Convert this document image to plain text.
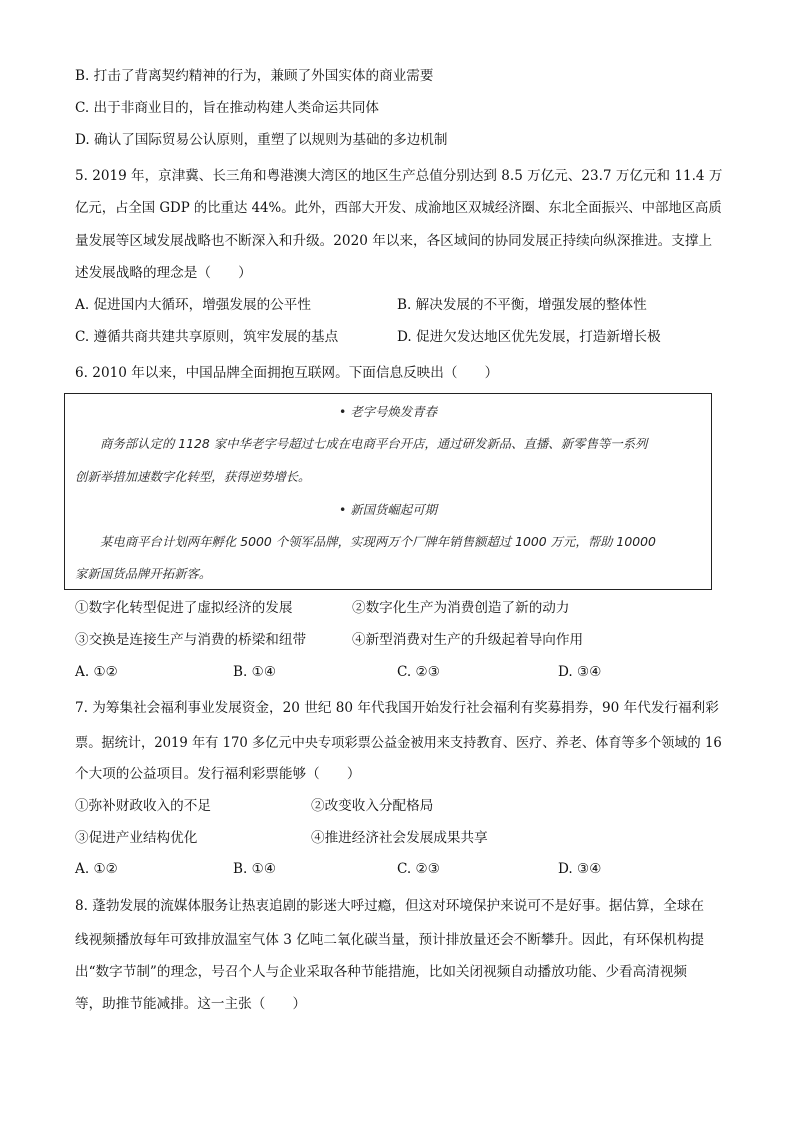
B. 打击了背离契约精神的行为，兼顾了外国实体的商业需要
C. 出于非商业目的，旨在推动构建人类命运共同体
D. 确认了国际贸易公认原则，重塑了以规则为基础的多边机制
5. 2019 年，京津冀、长三角和粤港澳大湾区的地区生产总值分别达到 8.5 万亿元、23.7 万亿元和 11.4 万
亿元，占全国 GDP 的比重达 44%。此外，西部大开发、成渝地区双城经济圈、东北全面振兴、中部地区高质
量发展等区域发展战略也不断深入和升级。2020 年以来，各区域间的协同发展正持续向纵深推进。支撑上
述发展战略的理念是（　　）
A. 促进国内大循环，增强发展的公平性	B. 解决发展的不平衡，增强发展的整体性
C. 遵循共商共建共享原则，筑牢发展的基点	D. 促进欠发达地区优先发展，打造新增长极
6. 2010 年以来，中国品牌全面拥抱互联网。下面信息反映出（　　）
• 老字号焕发青春
商务部认定的 1128 家中华老字号超过七成在电商平台开店，通过研发新品、直播、新零售等一系列
创新举措加速数字化转型，获得逆势增长。
• 新国货崛起可期
某电商平台计划两年孵化 5000 个领军品牌，实现两万个厂牌年销售额超过 1000 万元，帮助 10000
家新国货品牌开拓新客。
①数字化转型促进了虚拟经济的发展	②数字化生产为消费创造了新的动力
③交换是连接生产与消费的桥梁和纽带	④新型消费对生产的升级起着导向作用
A. ①②	B. ①④	C. ②③	D. ③④
7. 为筹集社会福利事业发展资金，20 世纪 80 年代我国开始发行社会福利有奖募捐券，90 年代发行福利彩
票。据统计，2019 年有 170 多亿元中央专项彩票公益金被用来支持教育、医疗、养老、体育等多个领域的 16
个大项的公益项目。发行福利彩票能够（　　）
①弥补财政收入的不足	②改变收入分配格局
③促进产业结构优化	④推进经济社会发展成果共享
A. ①②	B. ①④	C. ②③	D. ③④
8. 蓬勃发展的流媒体服务让热衷追剧的影迷大呼过瘾，但这对环境保护来说可不是好事。据估算，全球在
线视频播放每年可致排放温室气体 3 亿吨二氧化碳当量，预计排放量还会不断攀升。因此，有环保机构提
出“数字节制”的理念，号召个人与企业采取各种节能措施，比如关闭视频自动播放功能、少看高清视频
等，助推节能减排。这一主张（　　）
